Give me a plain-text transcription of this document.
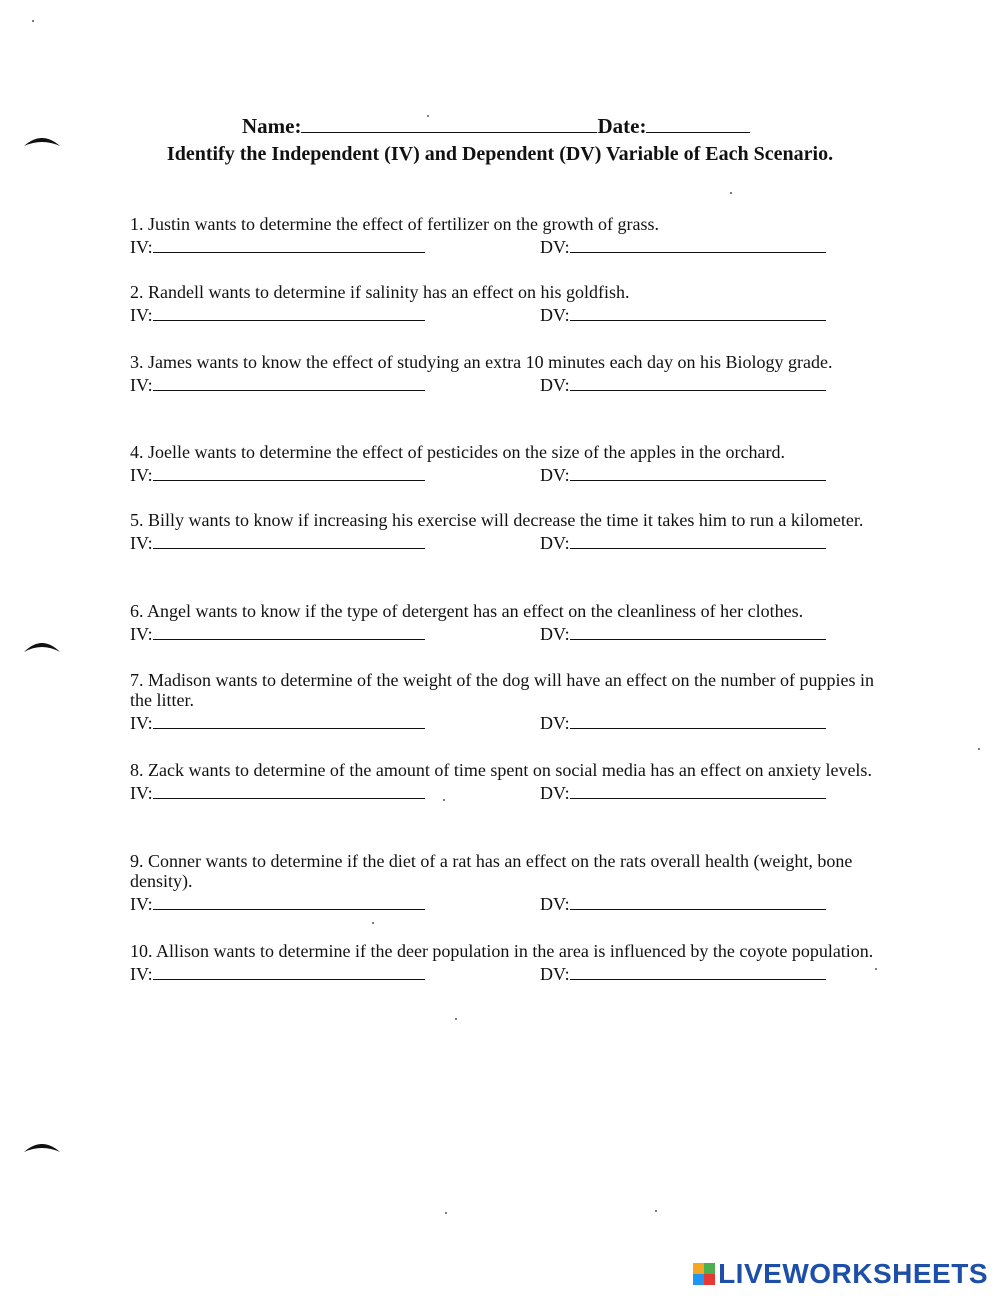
Name:	Date:
Identify the Independent (IV) and Dependent (DV) Variable of Each Scenario.
1. Justin wants to determine the effect of fertilizer on the growth of grass.
IV:	DV:
2. Randell wants to determine if salinity has an effect on his goldfish.
IV:	DV:
3. James wants to know the effect of studying an extra 10 minutes each day on his Biology grade.
IV:	DV:
4. Joelle wants to determine the effect of pesticides on the size of the apples in the orchard.
IV:	DV:
5. Billy wants to know if increasing his exercise will decrease the time it takes him to run a kilometer.
IV:	DV:
6. Angel wants to know if the type of detergent has an effect on the cleanliness of her clothes.
IV:	DV:
7. Madison wants to determine of the weight of the dog will have an effect on the number of puppies in the litter.
IV:	DV:
8. Zack wants to determine of the amount of time spent on social media has an effect on anxiety levels.
IV:	DV:
9. Conner wants to determine if the diet of a rat has an effect on the rats overall health (weight, bone density).
IV:	DV:
10. Allison wants to determine if the deer population in the area is influenced by the coyote population.
IV:	DV:
LIVEWORKSHEETS
